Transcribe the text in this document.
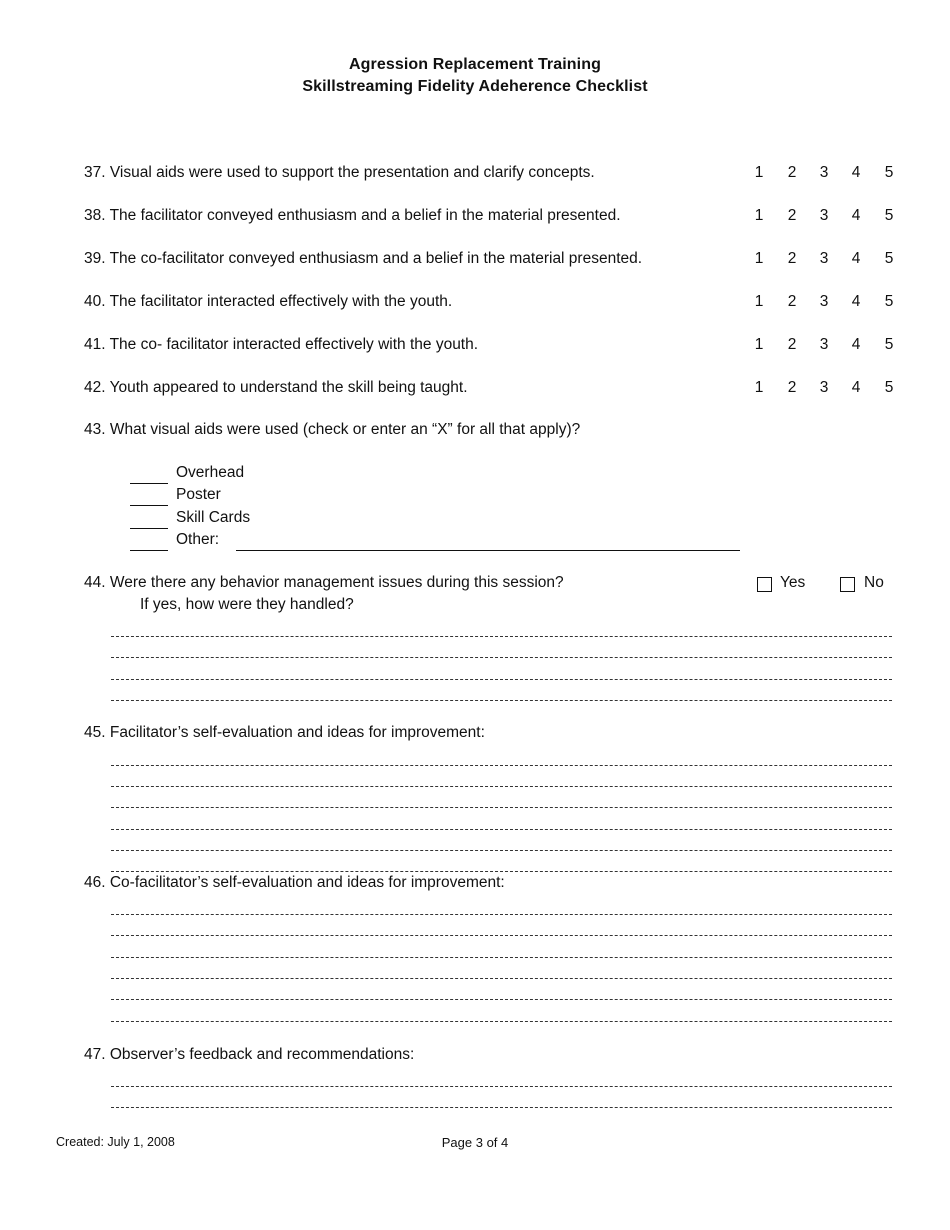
Agression Replacement Training
Skillstreaming Fidelity Adeherence Checklist
37. Visual aids were used to support the presentation and clarify concepts.	1 2 3 4 5
38. The facilitator conveyed enthusiasm and a belief in the material presented.	1 2 3 4 5
39. The co-facilitator conveyed enthusiasm and a belief in the material presented.	1 2 3 4 5
40. The facilitator interacted effectively with the youth.	1 2 3 4 5
41. The co- facilitator interacted effectively with the youth.	1 2 3 4 5
42. Youth appeared to understand the skill being taught.	1 2 3 4 5
43. What visual aids were used (check or enter an “X” for all that apply)?
Overhead
Poster
Skill Cards
Other:
44. Were there any behavior management issues during this session?
If yes, how were they handled?
Yes	No
45. Facilitator’s self-evaluation and ideas for improvement:
46. Co-facilitator’s self-evaluation and ideas for improvement:
47. Observer’s feedback and recommendations:
Created: July 1, 2008	Page 3 of 4
